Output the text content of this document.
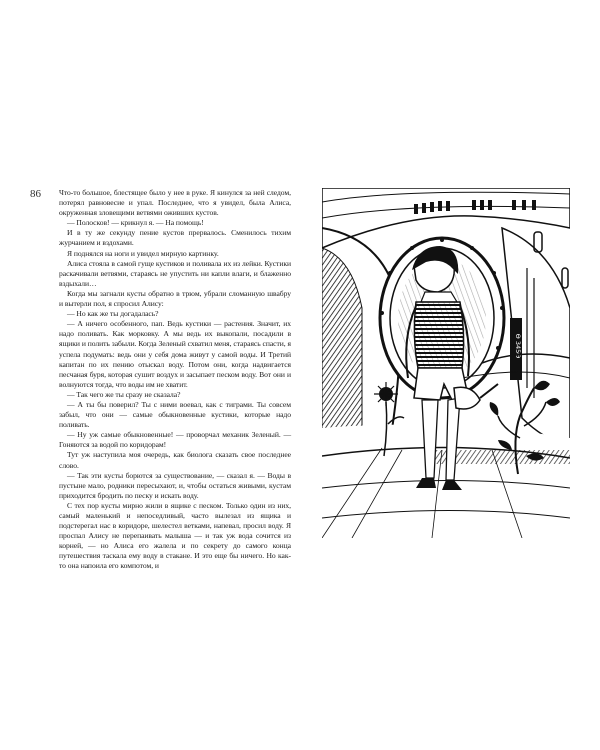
86 Что-то большое, блестящее было у нее в руке. Я кинулся за ней следом, потерял равновесие и упал. Последнее, что я увидел, была Алиса, окруженная зловещими ветвями ожившиx кустов.

— Полосков! — крикнул я. — На помощь!

И в ту же секунду пение кустов прервалось. Сменилось тихим журчанием и вздохами.

Я поднялся на ноги и увидел мирную картинку.

Алиса стояла в самой гуще кустиков и поливала их из лейки. Кустики раскачивали ветвями, стараясь не упустить ни капли влаги, и блаженно вздыхали…

Когда мы загнали кусты обратно в трюм, убрали сломанную швабру и вытерли пол, я спросил Алису:

— Но как же ты догадалась?

— А ничего особенного, пап. Ведь кустики — растения. Значит, их надо поливать. Как морковку. А мы ведь их выкопали, посадили в ящики и полить забыли. Когда Зеленый схватил меня, стараясь спасти, я успела подумать: ведь они у себя дома живут у самой воды. И Третий капитан по их пению отыскал воду. Потом они, когда надвигается песчаная буря, которая сушит воздух и засыпает песком воду. Вот они и волнуются тогда, что воды им не хватит.

— Так чего же ты сразу не сказала?

— А ты бы поверил? Ты с ними воевал, как с тиграми. Ты совсем забыл, что они — самые обыкновенные кустики, которые надо поливать.

— Ну уж самые обыкновенные! — проворчал механик Зеленый. — Гоняются за водой по коридорам!

Тут уж наступила моя очередь, как биолога сказать свое последнее слово.

— Так эти кусты борются за существование, — сказал я. — Воды в пустыне мало, родники пересыхают, и, чтобы остаться живыми, кустам приходится бродить по песку и искать воду.

С тех пор кусты мирно жили в ящике с песком. Только один из них, самый маленький и непоседливый, часто вылезал из ящика и подстерегал нас в коридоре, шелестел ветками, напевал, просил воду. Я проспал Алису не перепаивать малыша — и так уж вода сочится из корней, — но Алиса его жалела и по секрету до самого конца путешествия таскала ему воду в стакане. И это еще бы ничего. Но как-то она напоила его компотом, и

Ө 345Ө
